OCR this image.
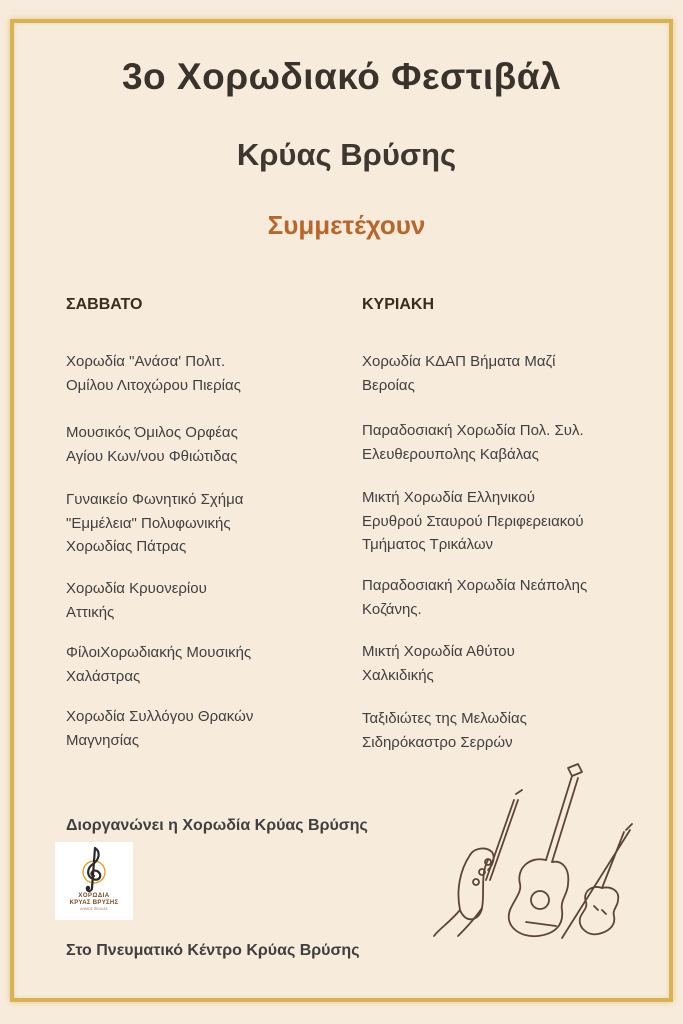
3ο Χορωδιακό Φεστιβάλ
Κρύας Βρύσης
Συμμετέχουν

ΣΑΒΒΑΤΟ

Χορωδία "Ανάσα' Πολιτ.
Ομίλου Λιτοχώρου Πιερίας

Μουσικός Όμιλος Ορφέας
Αγίου Κων/νου Φθιώτιδας

Γυναικείο Φωνητικό Σχήμα
"Εμμέλεια" Πολυφωνικής
Χορωδίας Πάτρας

Χορωδία Κρυονερίου
Αττικής

ΦίλοιΧορωδιακής Μουσικής
Χαλάστρας

Χορωδία Συλλόγου Θρακών
Μαγνησίας

ΚΥΡΙΑΚΗ

Χορωδία ΚΔΑΠ Βήματα Μαζί
Βεροίας

Παραδοσιακή Χορωδία Πολ. Συλ.
Ελευθερουπολης Καβάλας

Μικτή Χορωδία Ελληνικού
Ερυθρού Σταυρού Περιφερειακού
Τμήματος Τρικάλων

Παραδοσιακή Χορωδία Νεάπολης
Κοζάνης.

Μικτή Χορωδία Αθύτου
Χαλκιδικής

Ταξιδιώτες της Μελωδίας
Σιδηρόκαστρο Σερρών

Διοργανώνει η Χορωδία Κρύας Βρύσης

ΧΟΡΩΔΙΑ
ΚΡΥΑΣ ΒΡΥΣΗΣ
ΔΗΜΟΣ ΠΕΛΛΑΣ

Στο Πνευματικό Κέντρο Κρύας Βρύσης
